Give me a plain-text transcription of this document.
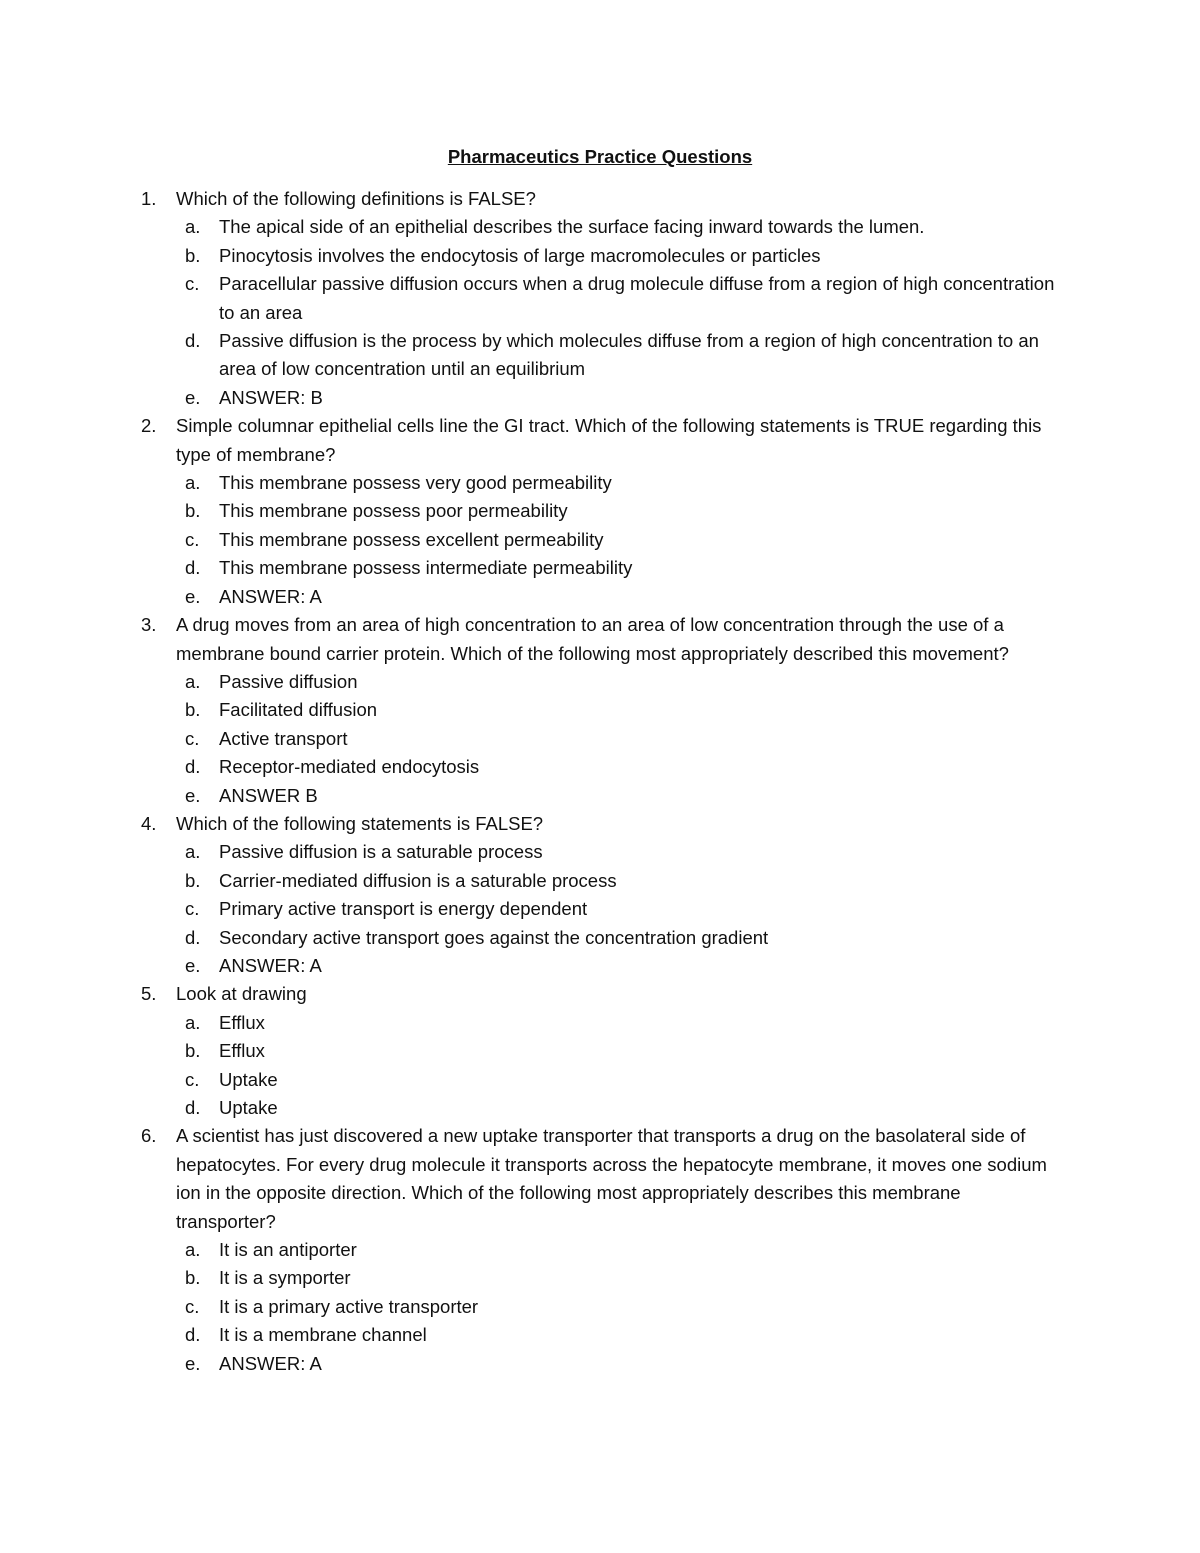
Pharmaceutics Practice Questions
1. Which of the following definitions is FALSE?
a. The apical side of an epithelial describes the surface facing inward towards the lumen.
b. Pinocytosis involves the endocytosis of large macromolecules or particles
c. Paracellular passive diffusion occurs when a drug molecule diffuse from a region of high concentration to an area
d. Passive diffusion is the process by which molecules diffuse from a region of high concentration to an area of low concentration until an equilibrium
e. ANSWER: B
2. Simple columnar epithelial cells line the GI tract. Which of the following statements is TRUE regarding this type of membrane?
a. This membrane possess very good permeability
b. This membrane possess poor permeability
c. This membrane possess excellent permeability
d. This membrane possess intermediate permeability
e. ANSWER: A
3. A drug moves from an area of high concentration to an area of low concentration through the use of a membrane bound carrier protein. Which of the following most appropriately described this movement?
a. Passive diffusion
b. Facilitated diffusion
c. Active transport
d. Receptor-mediated endocytosis
e. ANSWER B
4. Which of the following statements is FALSE?
a. Passive diffusion is a saturable process
b. Carrier-mediated diffusion is a saturable process
c. Primary active transport is energy dependent
d. Secondary active transport goes against the concentration gradient
e. ANSWER: A
5. Look at drawing
a. Efflux
b. Efflux
c. Uptake
d. Uptake
6. A scientist has just discovered a new uptake transporter that transports a drug on the basolateral side of hepatocytes. For every drug molecule it transports across the hepatocyte membrane, it moves one sodium ion in the opposite direction. Which of the following most appropriately describes this membrane transporter?
a. It is an antiporter
b. It is a symporter
c. It is a primary active transporter
d. It is a membrane channel
e. ANSWER: A
